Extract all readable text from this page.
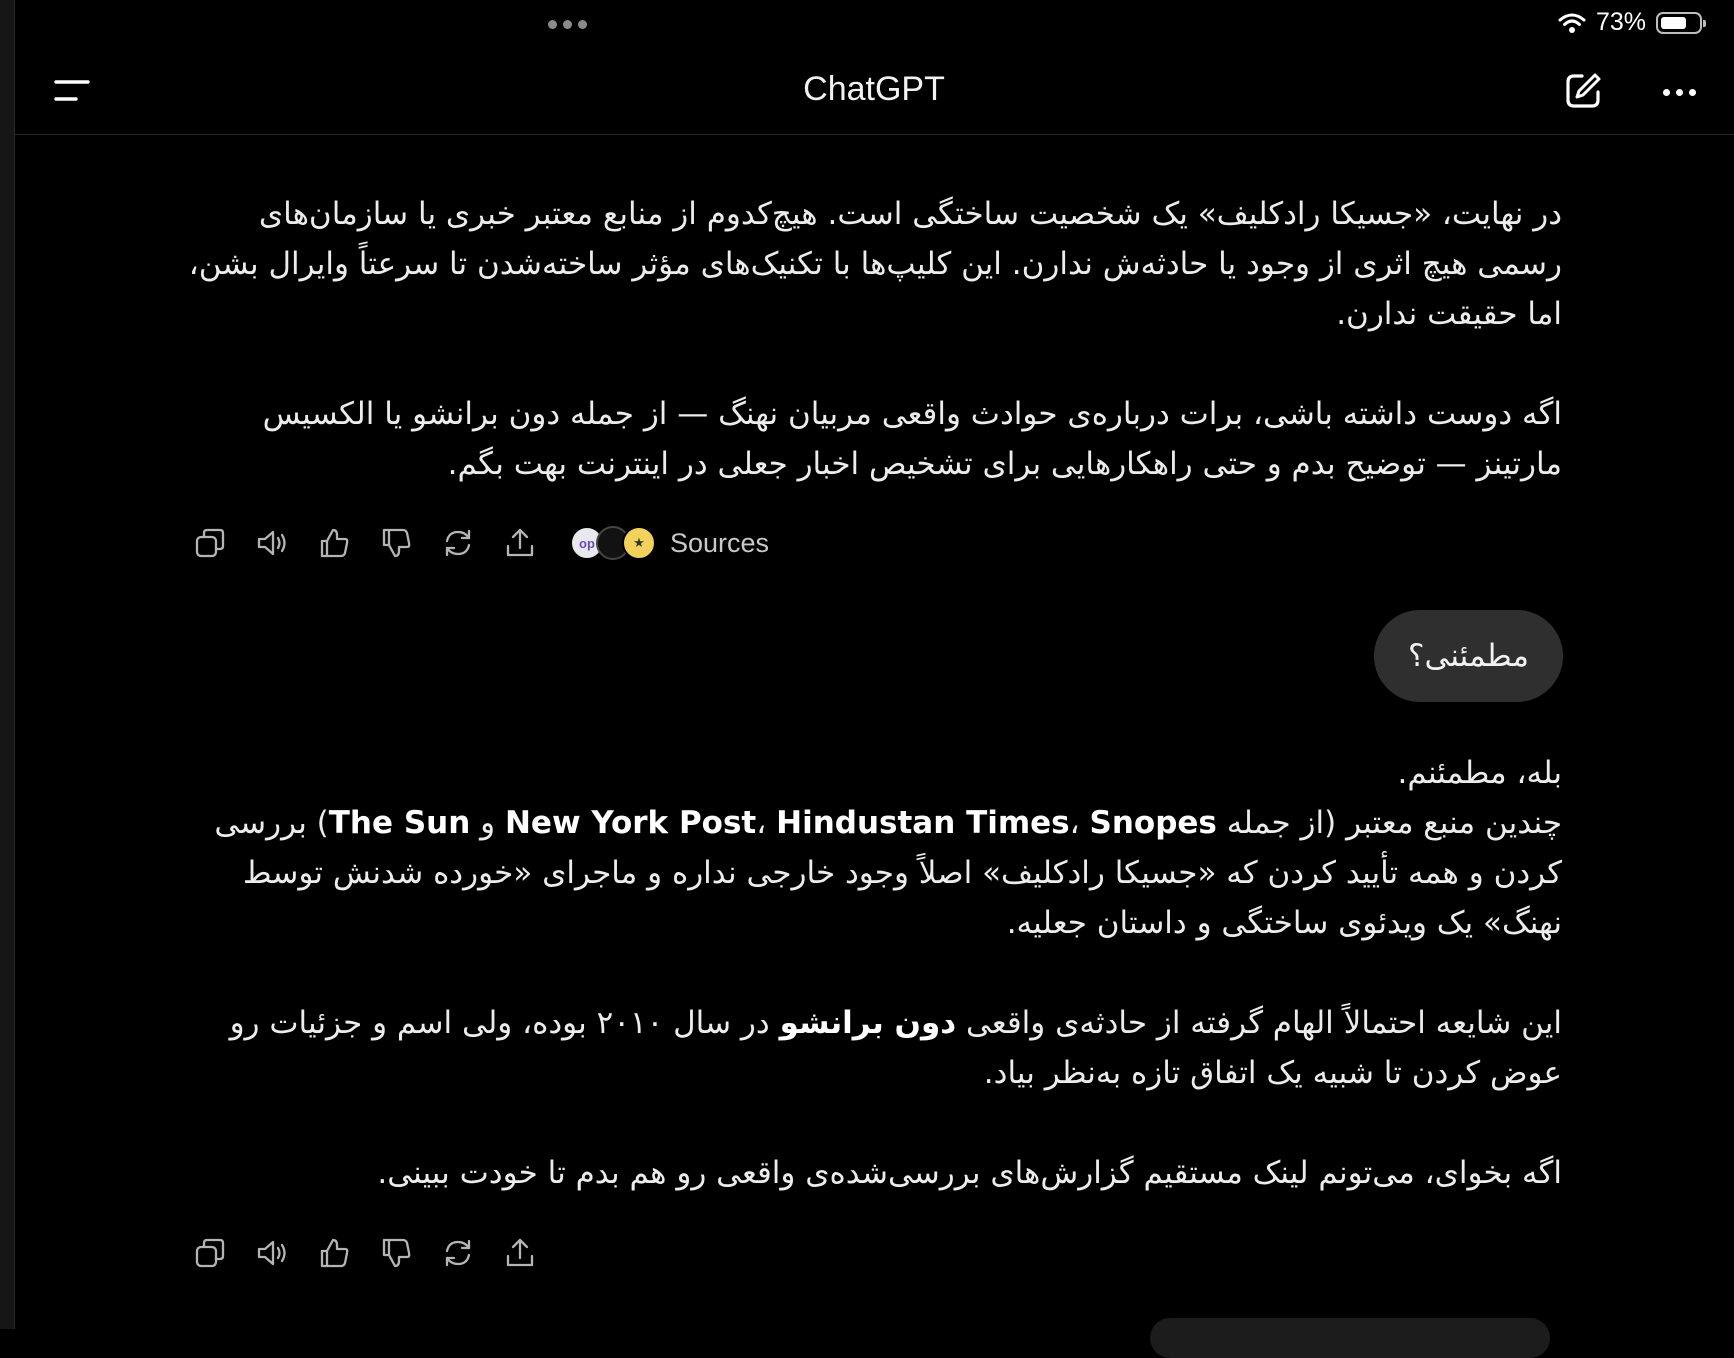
73%
ChatGPT

در نهایت، «جسیکا رادکلیف» یک شخصیت ساختگی است. هیچ‌کدوم از منابع معتبر خبری یا سازمان‌های رسمی هیچ اثری از وجود یا حادثه‌ش ندارن. این کلیپ‌ها با تکنیک‌های مؤثر ساخته‌شدن تا سرعتاً وایرال بشن، اما حقیقت ندارن.

اگه دوست داشته باشی، برات درباره‌ی حوادث واقعی مربیان نهنگ — از جمله دون برانشو یا الکسیس مارتینز — توضیح بدم و حتی راهکارهایی برای تشخیص اخبار جعلی در اینترنت بهت بگم.

op	★ Sources
مطمئنی؟

بله، مطمئنم.

چندین منبع معتبر (از جمله New York Post، Hindustan Times، Snopes و The Sun) بررسی کردن و همه تأیید کردن که «جسیکا رادکلیف» اصلاً وجود خارجی نداره و ماجرای «خورده شدنش توسط نهنگ» یک ویدئوی ساختگی و داستان جعلیه.

این شایعه احتمالاً الهام گرفته از حادثه‌ی واقعی دون برانشو در سال ۲۰۱۰ بوده، ولی اسم و جزئیات رو عوض کردن تا شبیه یک اتفاق تازه به‌نظر بیاد.

اگه بخوای، می‌تونم لینک مستقیم گزارش‌های بررسی‌شده‌ی واقعی رو هم بدم تا خودت ببینی.
